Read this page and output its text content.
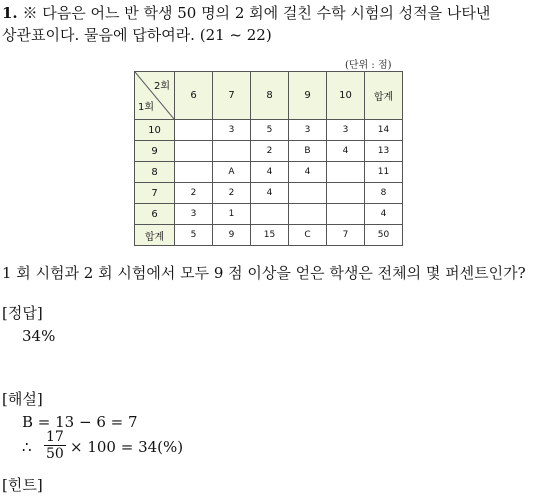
1. ※ 다음은 어느 반 학생 50 명의 2 회에 걸친 수학 시험의 성적을 나타낸
상관표이다. 물음에 답하여라. (21 ~ 22)
(단위 : 점)
2회
1회	6	7	8	9	10	합계
10		3	5	3	3	14
9			2	B	4	13
8		A	4	4		11
7	2	2	4			8
6	3	1				4
합계	5	9	15	C	7	50
1 회 시험과 2 회 시험에서 모두 9 점 이상을 얻은 학생은 전체의 몇 퍼센트인가?
[정답]
34%
[해설]
B = 13 − 6 = 7
∴ $\frac{17}{50} \times 100 = 34(\%)$
[힌트]
